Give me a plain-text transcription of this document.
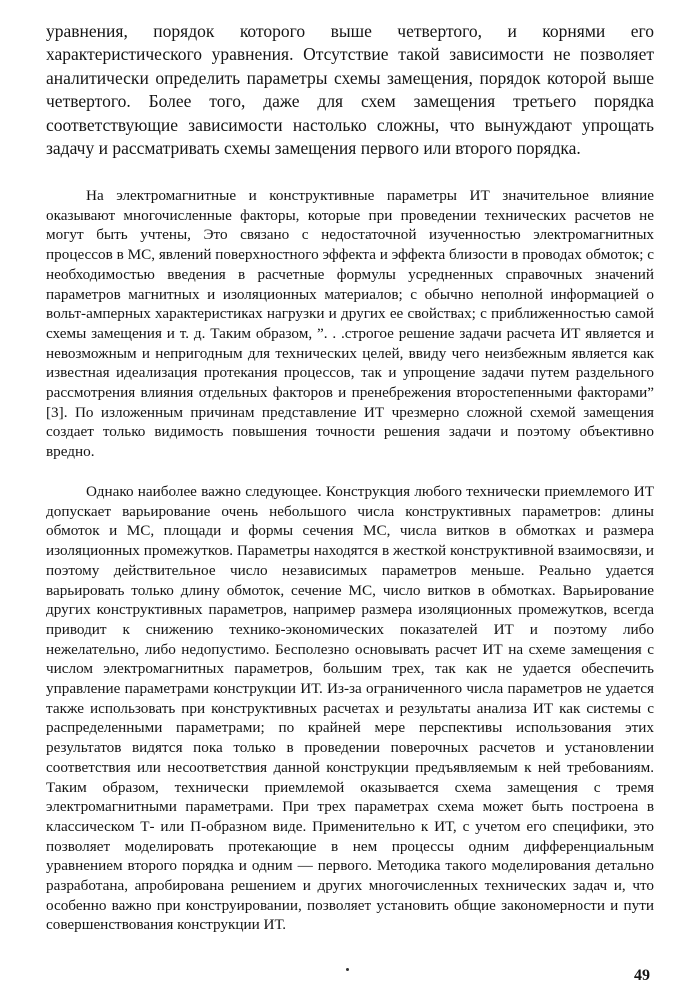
уравнения, порядок которого выше четвертого, и корнями его характеристического уравнения. Отсутствие такой зависимости не позволяет аналитически определить параметры схемы замещения, порядок которой выше четвертого. Более того, даже для схем замещения третьего порядка соответствующие зависимости настолько сложны, что вынуждают упрощать задачу и рассматривать схемы замещения первого или второго порядка.

На электромагнитные и конструктивные параметры ИТ значительное влияние оказывают многочисленные факторы, которые при проведении технических расчетов не могут быть учтены, Это связано с недостаточной изученностью электромагнитных процессов в МС, явлений поверхностного эффекта и эффекта близости в проводах обмоток; с необходимостью введения в расчетные формулы усредненных справочных значений параметров магнитных и изоляционных материалов; с обычно неполной информацией о вольт-амперных характеристиках нагрузки и других ее свойствах; с приближенностью самой схемы замещения и т. д. Таким образом, ”. . .строгое решение задачи расчета ИТ является и невозможным и непригодным для технических целей, ввиду чего неизбежным является как известная идеализация протекания процессов, так и упрощение задачи путем раздельного рассмотрения влияния отдельных факторов и пренебрежения второстепенными факторами” [3]. По изложенным причинам представление ИТ чрезмерно сложной схемой замещения создает только видимость повышения точности решения задачи и поэтому объективно вредно.

Однако наиболее важно следующее. Конструкция любого технически приемлемого ИТ допускает варьирование очень небольшого числа конструктивных параметров: длины обмоток и МС, площади и формы сечения МС, числа витков в обмотках и размера изоляционных промежутков. Параметры находятся в жесткой конструктивной взаимосвязи, и поэтому действительное число независимых параметров меньше. Реально удается варьировать только длину обмоток, сечение МС, число витков в обмотках. Варьирование других конструктивных параметров, например размера изоляционных промежутков, всегда приводит к снижению технико-экономических показателей ИТ и поэтому либо нежелательно, либо недопустимо. Бесполезно основывать расчет ИТ на схеме замещения с числом электромагнитных параметров, большим трех, так как не удается обеспечить управление параметрами конструкции ИТ. Из-за ограниченного числа параметров не удается также использовать при конструктивных расчетах и результаты анализа ИТ как системы с распределенными параметрами; по крайней мере перспективы использования этих результатов видятся пока только в проведении поверочных расчетов и установлении соответствия или несоответствия данной конструкции предъявляемым к ней требованиям. Таким образом, технически приемлемой оказывается схема замещения с тремя электромагнитными параметрами. При трех параметрах схема может быть построена в классическом Т- или П-образном виде. Применительно к ИТ, с учетом его специфики, это позволяет моделировать протекающие в нем процессы одним дифференциальным уравнением второго порядка и одним — первого. Методика такого моделирования детально разработана, апробирована решением и других многочисленных технических задач и, что особенно важно при конструировании, позволяет установить общие закономерности и пути совершенствования конструкции ИТ.

49
